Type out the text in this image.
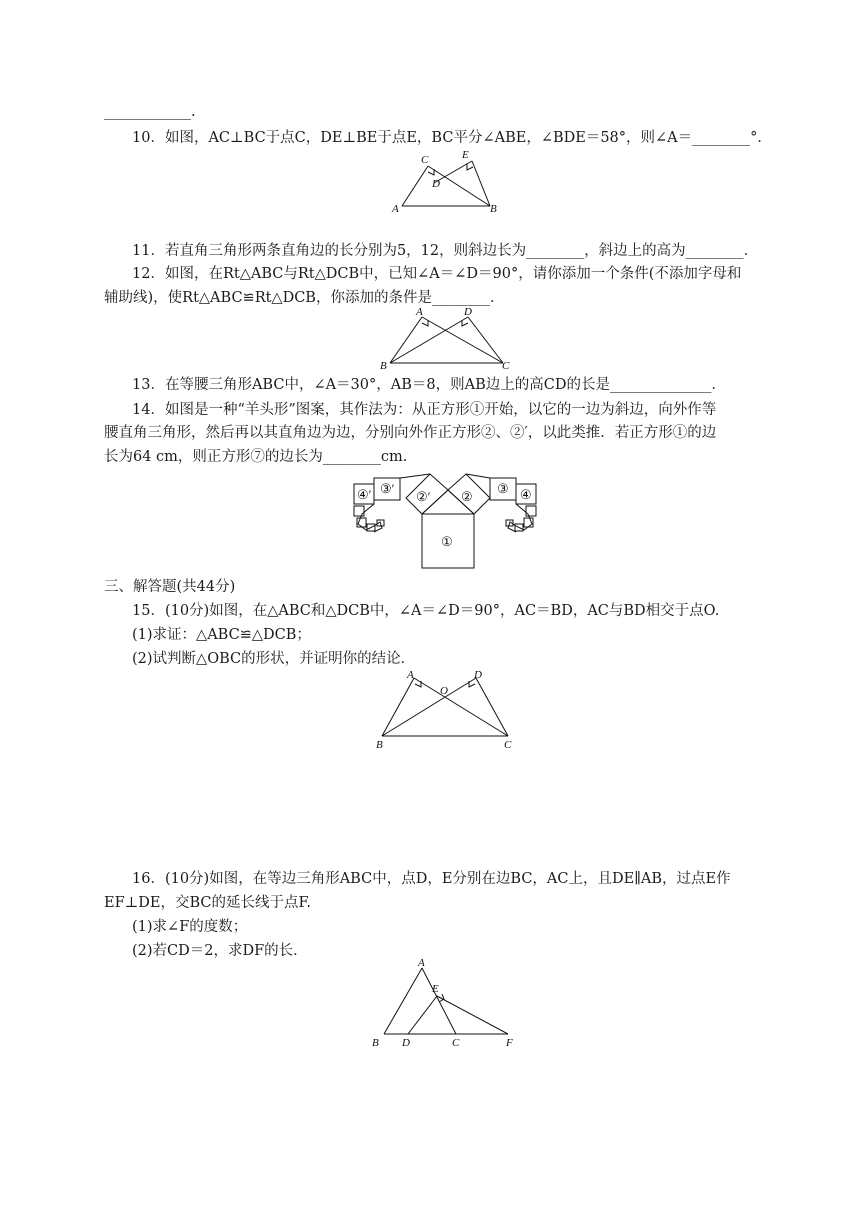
____________.
10．如图，AC⊥BC于点C，DE⊥BE于点E，BC平分∠ABE，∠BDE＝58°，则∠A＝________°．
A	B
C
D
E
11．若直角三角形两条直角边的长分别为5，12，则斜边长为________，斜边上的高为________．
12．如图，在Rt△ABC与Rt△DCB中，已知∠A＝∠D＝90°，请你添加一个条件(不添加字母和
辅助线)，使Rt△ABC≌Rt△DCB，你添加的条件是________．
B	C
A	D
13．在等腰三角形ABC中，∠A＝30°，AB＝8，则AB边上的高CD的长是______________．
14．如图是一种“羊头形”图案，其作法为：从正方形①开始，以它的一边为斜边，向外作等
腰直角三角形，然后再以其直角边为边，分别向外作正方形②、②′，以此类推．若正方形①的边
长为64 cm，则正方形⑦的边长为________cm.
①
②
②′
③
③′	④
④′
三、解答题(共44分)
15．(10分)如图，在△ABC和△DCB中，∠A＝∠D＝90°，AC＝BD，AC与BD相交于点O.
(1)求证：△ABC≌△DCB；
(2)试判断△OBC的形状，并证明你的结论．
B	C
A	D
O
16．(10分)如图，在等边三角形ABC中，点D，E分别在边BC，AC上，且DE∥AB，过点E作
EF⊥DE，交BC的延长线于点F.
(1)求∠F的度数；
(2)若CD＝2，求DF的长．
A
B D	C	F
E
